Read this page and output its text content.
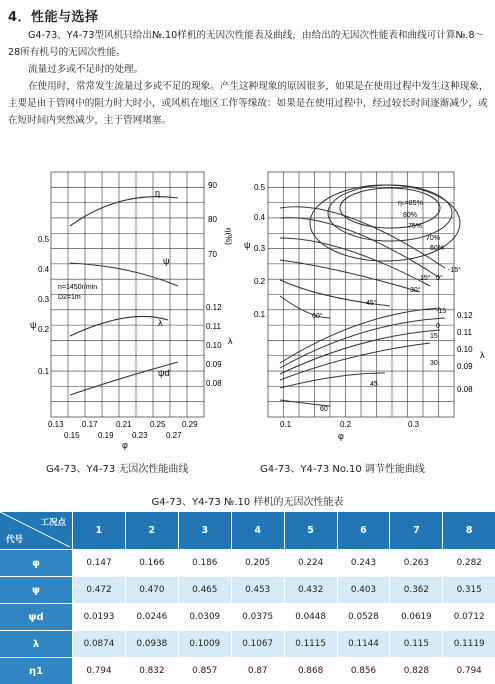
4．性能与选择
G4-73、Y4-73型风机只给出№.10样机的无因次性能表及曲线，由给出的无因次性能表和曲线可计算№.8～28所有机号的无因次性能。
流量过多或不足时的处理。
在使用时，常常发生流量过多或不足的现象。产生这种现象的原因很多，如果是在使用过程中发生这种现象，主要是由于管网中的阻力时大时小，或风机在地区工作等缘故：如果是在使用过程中，经过较长时间逐渐减少，或在短时间内突然减少，主于管网堵塞。
η
ψ
λ
ψd
n=1450r/min
D2=1m
0.5
0.4
0.3
0.2
0.1
ψ
90
80
70
η(%)
0.12
0.11
0.10
0.09
0.08
λ
0.13 0.17 0.21 0.25 0.29
0.15 0.19 0.23 0.27
φ
ηₕ=85%
80%
75%
70%
60%
-15°
0°
15°
30°
45°
60°
-15
0
15
30
45
60
0.5
0.4
0.3
0.2
0.1
ψ
0.12
0.11
0.10
0.09
0.08
λ
0.1	0.2	0.3
φ
G4-73、Y4-73 无因次性能曲线	G4-73、Y4-73 No.10 调节性能曲线
G4-73、Y4-73 №.10 样机的无因次性能表
工况点
代号	1	2	3	4	5	6	7	8
φ	0.147	0.166	0.186	0.205	0.224	0.243	0.263	0.282
ψ	0.472	0.470	0.465	0.453	0.432	0.403	0.362	0.315
ψd	0.0193	0.0246	0.0309	0.0375	0.0448	0.0528	0.0619	0.0712
λ	0.0874	0.0938	0.1009	0.1067	0.1115	0.1144	0.115	0.1119
η1	0.794	0.832	0.857	0.87	0.868	0.856	0.828	0.794
